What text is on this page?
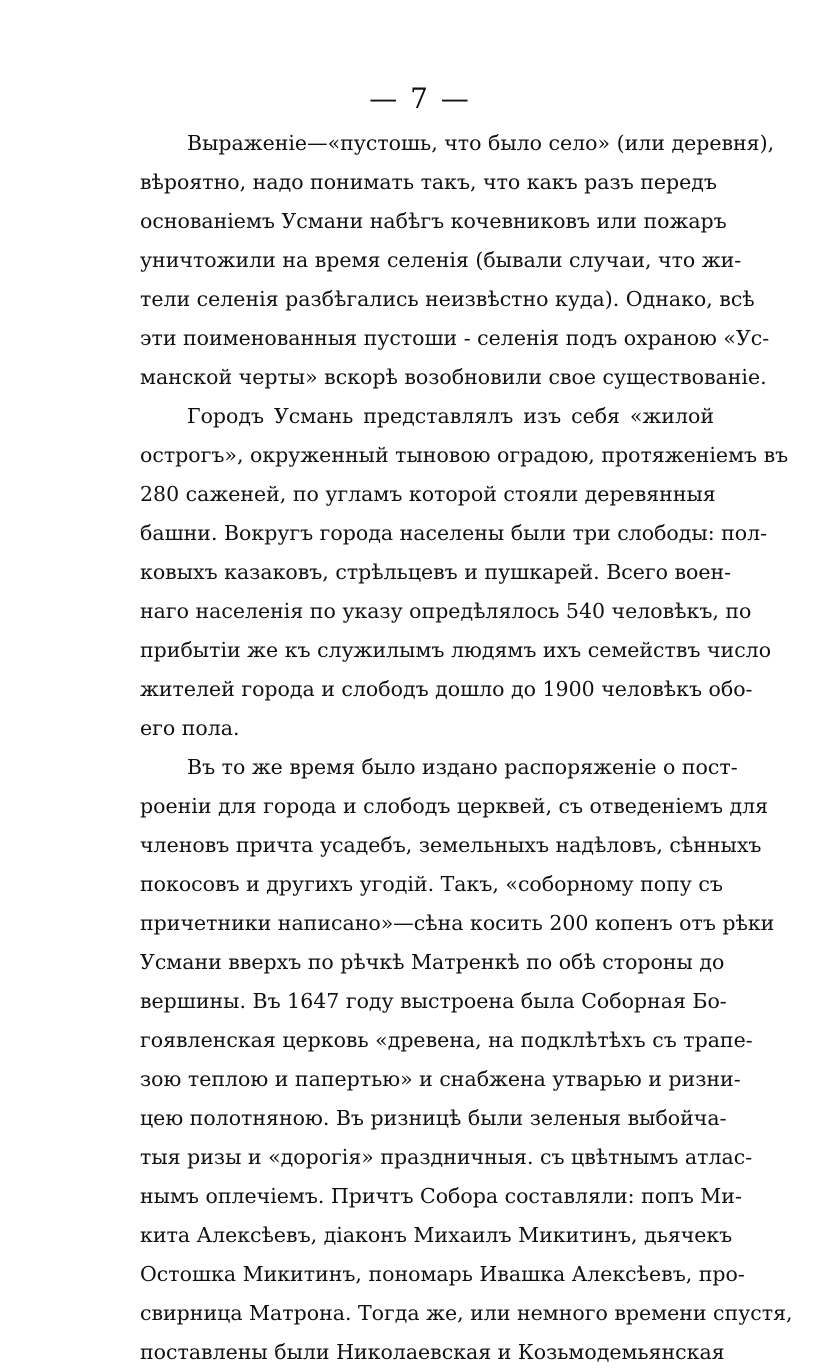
— 7 —
Выраженіе—«пустошь, что было село» (или деревня),
вѣроятно, надо понимать такъ, что какъ разъ передъ
основаніемъ Усмани набѣгъ кочевниковъ или пожаръ
уничтожили на время селенія (бывали случаи, что жи-
тели селенія разбѣгались неизвѣстно куда). Однако, всѣ
эти поименованныя пустоши - селенія подъ охраною «Ус-
манской черты» вскорѣ возобновили свое существованіе.
Городъ Усмань представлялъ изъ себя «жилой
острогъ», окруженный тыновою оградою, протяженіемъ въ
280 саженей, по угламъ которой стояли деревянныя
башни. Вокругъ города населены были три слободы: пол-
ковыхъ казаковъ, стрѣльцевъ и пушкарей. Всего воен-
наго населенія по указу опредѣлялось 540 человѣкъ, по
прибытіи же къ служилымъ людямъ ихъ семействъ число
жителей города и слободъ дошло до 1900 человѣкъ обо-
его пола.
Въ то же время было издано распоряженіе о пост-
роеніи для города и слободъ церквей, съ отведеніемъ для
членовъ причта усадебъ, земельныхъ надѣловъ, сѣнныхъ
покосовъ и другихъ угодій. Такъ, «соборному попу съ
причетники написано»—сѣна косить 200 копенъ отъ рѣки
Усмани вверхъ по рѣчкѣ Матренкѣ по обѣ стороны до
вершины. Въ 1647 году выстроена была Соборная Бо-
гоявленская церковь «древена, на подклѣтѣхъ съ трапе-
зою теплою и папертью» и снабжена утварью и ризни-
цею полотняною. Въ ризницѣ были зеленыя выбойча-
тыя ризы и «дорогія» праздничныя. съ цвѣтнымъ атлас-
нымъ оплечіемъ. Причтъ Собора составляли: попъ Ми-
кита Алексѣевъ, діаконъ Михаилъ Микитинъ, дьячекъ
Остошка Микитинъ, пономарь Ивашка Алексѣевъ, про-
свирница Матрона. Тогда же, или немного времени спустя,
поставлены были Николаевская и Козьмодемьянская
